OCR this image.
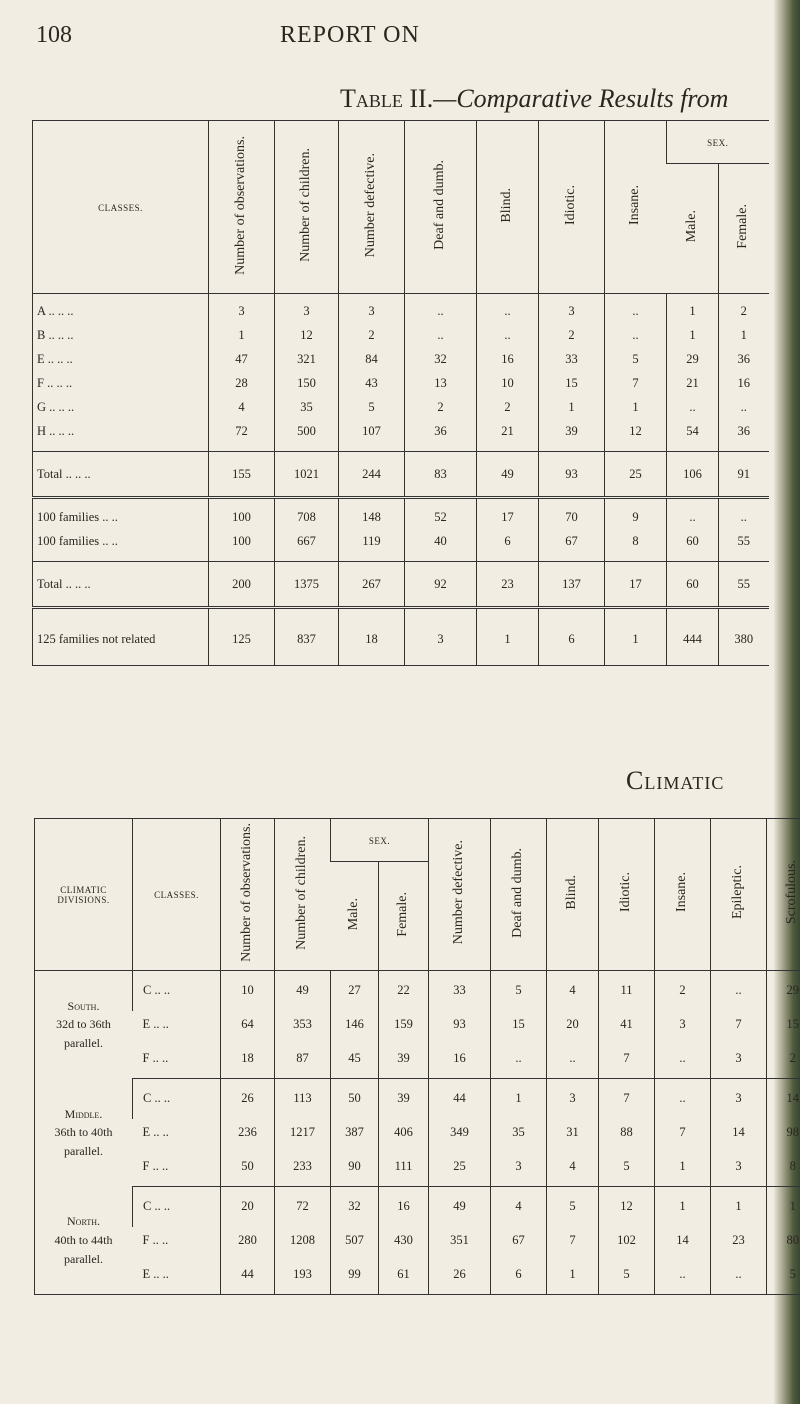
108	REPORT ON
Table II.—Comparative Results from
CLASSES.	Number of observations.	Number of children.	Number defective.	Deaf and dumb.	Blind.	Idiotic.	Insane.	SEX.	
								Male.	Female.

A .. .. ..	3	3	3	..	..	3	..	1	2
B .. .. ..	1	12	2	..	..	2	..	1	1
E .. .. ..	47	321	84	32	16	33	5	29	36
F .. .. ..	28	150	43	13	10	15	7	21	16
G .. .. ..	4	35	5	2	2	1	1	..	..
H .. .. ..	72	500	107	36	21	39	12	54	36

Total .. .. ..	155	1021	244	83	49	93	25	106	91

100 families .. ..	100	708	148	52	17	70	9	..	..
100 families .. ..	100	667	119	40	6	67	8	60	55

Total .. .. ..	200	1375	267	92	23	137	17	60	55

125 families not related	125	837	18	3	1	6	1	444	380
Climatic
CLIMATIC DIVISIONS.	CLASSES.	Number of observations.	Number of children.	SEX.		Number defective.	Deaf and dumb.	Blind.	Idiotic.	Insane.	Epileptic.	Scrofulous.
				Male.	Female.							

South.
32d to 36th
parallel.	C .. ..	10	49	27	22	33	5	4	11	2	..	29
	E .. ..	64	353	146	159	93	15	20	41	3	7	15
	F .. ..	18	87	45	39	16	..	..	7	..	3	2

Middle.
36th to 40th
parallel.	C .. ..	26	113	50	39	44	1	3	7	..	3	14
	E .. ..	236	1217	387	406	349	35	31	88	7	14	98
	F .. ..	50	233	90	111	25	3	4	5	1	3	8

North.
40th to 44th
parallel.	C .. ..	20	72	32	16	49	4	5	12	1	1	1
	F .. ..	280	1208	507	430	351	67	7	102	14	23	80
	E .. ..	44	193	99	61	26	6	1	5	..	..	5
